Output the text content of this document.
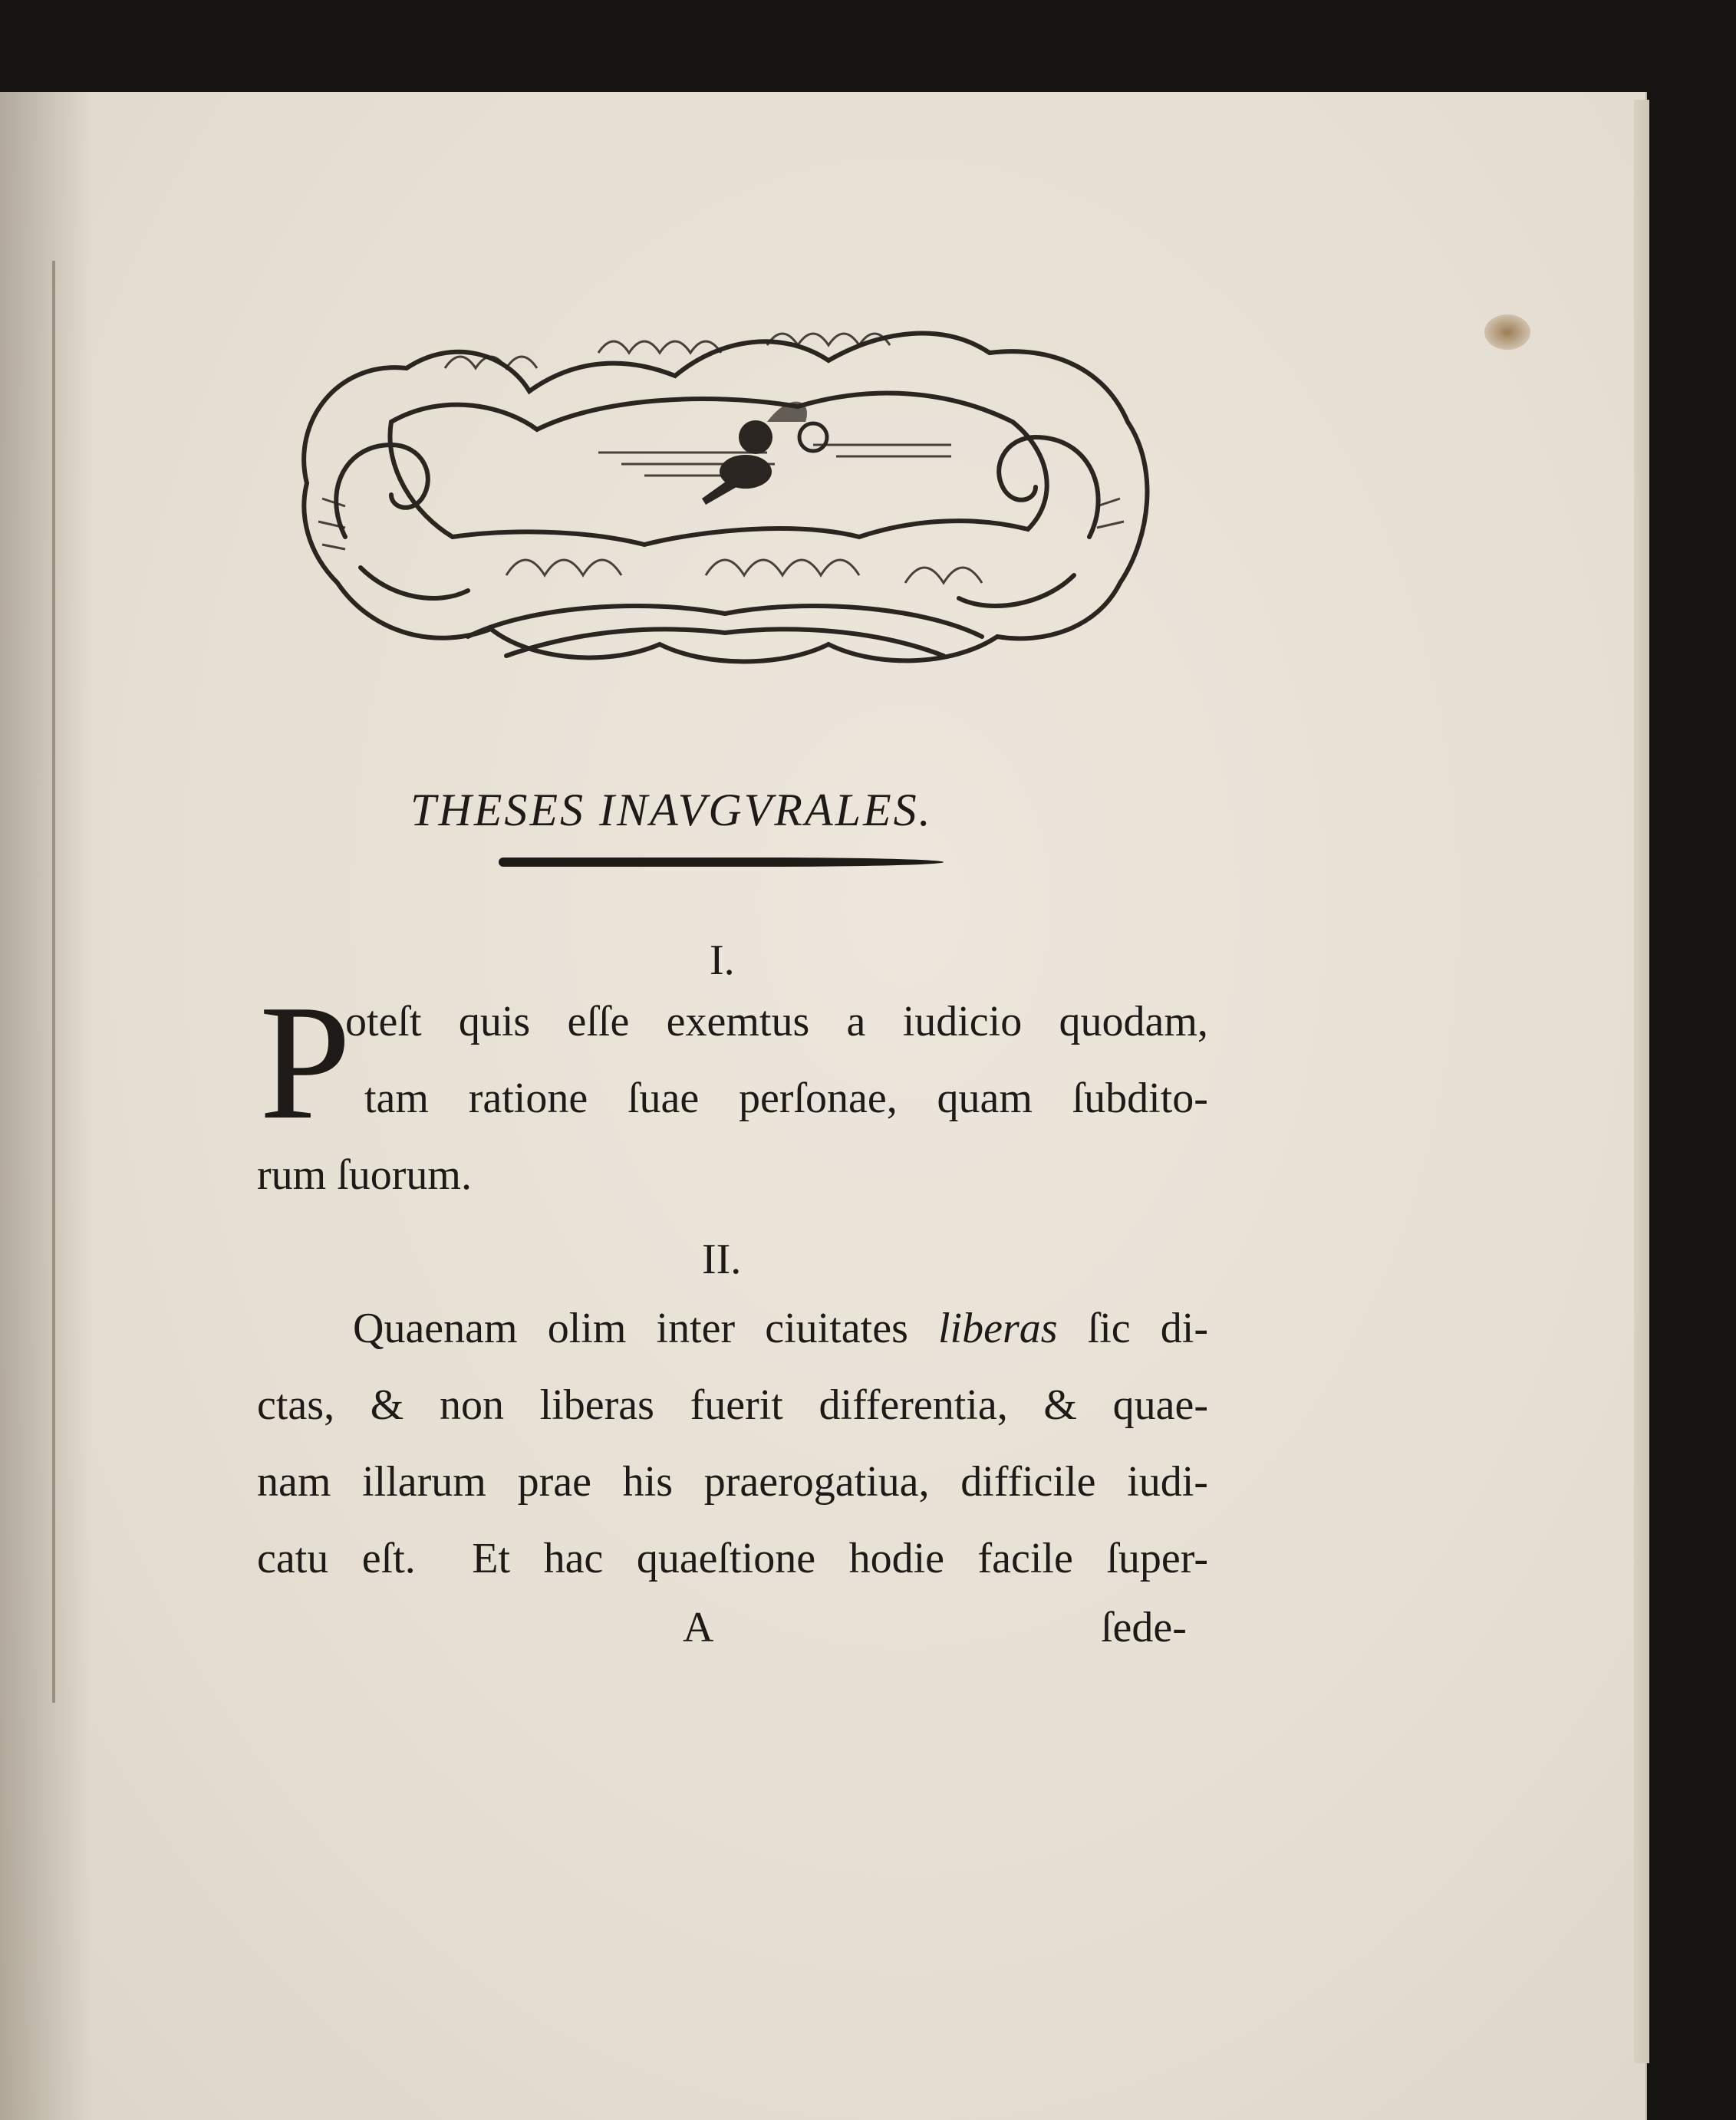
THESES INAVGVRALES.
I.
P
oteſt quis eſſe exemtus a iudicio quodam,
tam ratione ſuae perſonae, quam ſubdito-
rum ſuorum.
II.
Quaenam olim inter ciuitates liberas ſic di-
ctas, & non liberas fuerit differentia, & quae-
nam illarum prae his praerogatiua, difficile iudi-
catu eſt. Et hac quaeſtione hodie facile ſuper-
A	ſede-
